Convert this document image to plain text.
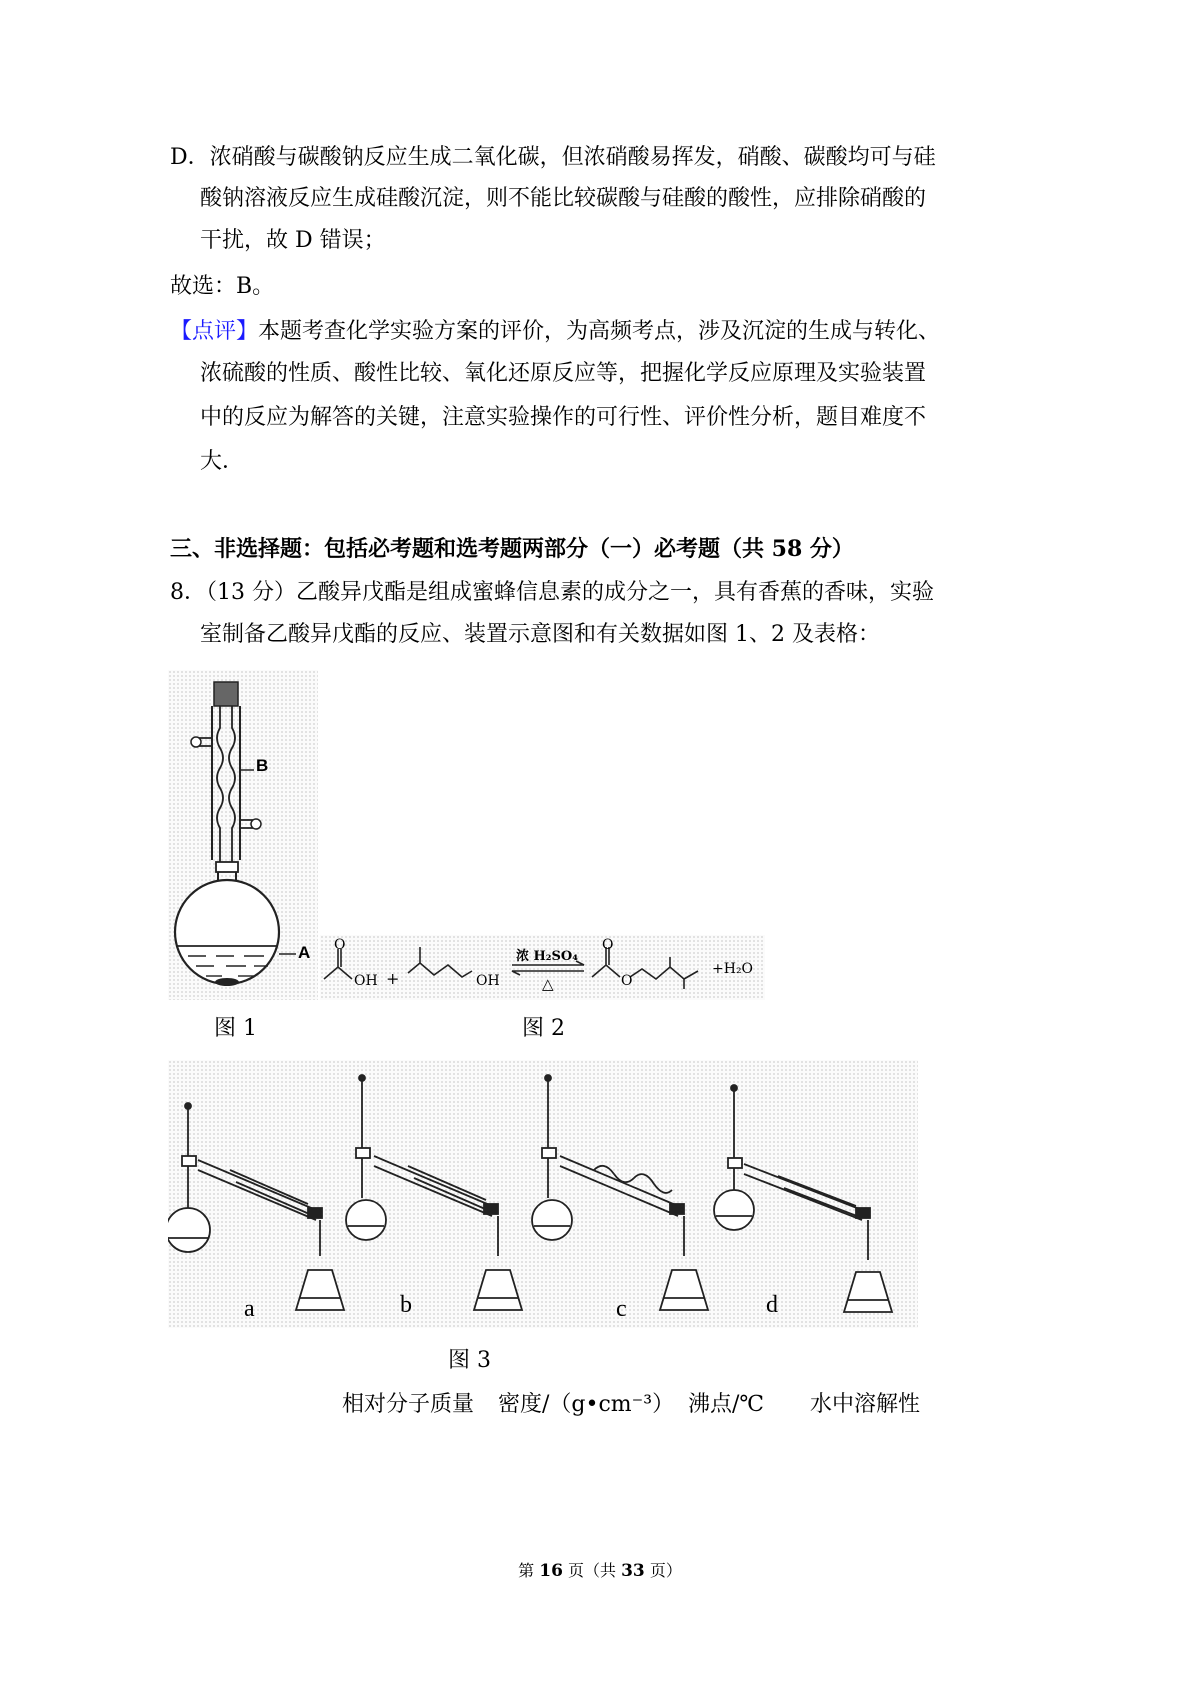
D．浓硝酸与碳酸钠反应生成二氧化碳，但浓硝酸易挥发，硝酸、碳酸均可与硅
酸钠溶液反应生成硅酸沉淀，则不能比较碳酸与硅酸的酸性，应排除硝酸的
干扰，故 D 错误；
故选：B。
【点评】本题考查化学实验方案的评价，为高频考点，涉及沉淀的生成与转化、
浓硫酸的性质、酸性比较、氧化还原反应等，把握化学反应原理及实验装置
中的反应为解答的关键，注意实验操作的可行性、评价性分析，题目难度不
大．
三、非选择题：包括必考题和选考题两部分（一）必考题（共 58 分）
8．（13 分）乙酸异戊酯是组成蜜蜂信息素的成分之一，具有香蕉的香味，实验
室制备乙酸异戊酯的反应、装置示意图和有关数据如图 1、2 及表格：
B
A O
OH +	OH
浓 H₂SO₄
△
O
O
+H₂O
图 1	图 2
a	b	c	d
图 3
相对分子质量 密度/（g•cm⁻³） 沸点/℃ 水中溶解性
第 16 页（共 33 页）
